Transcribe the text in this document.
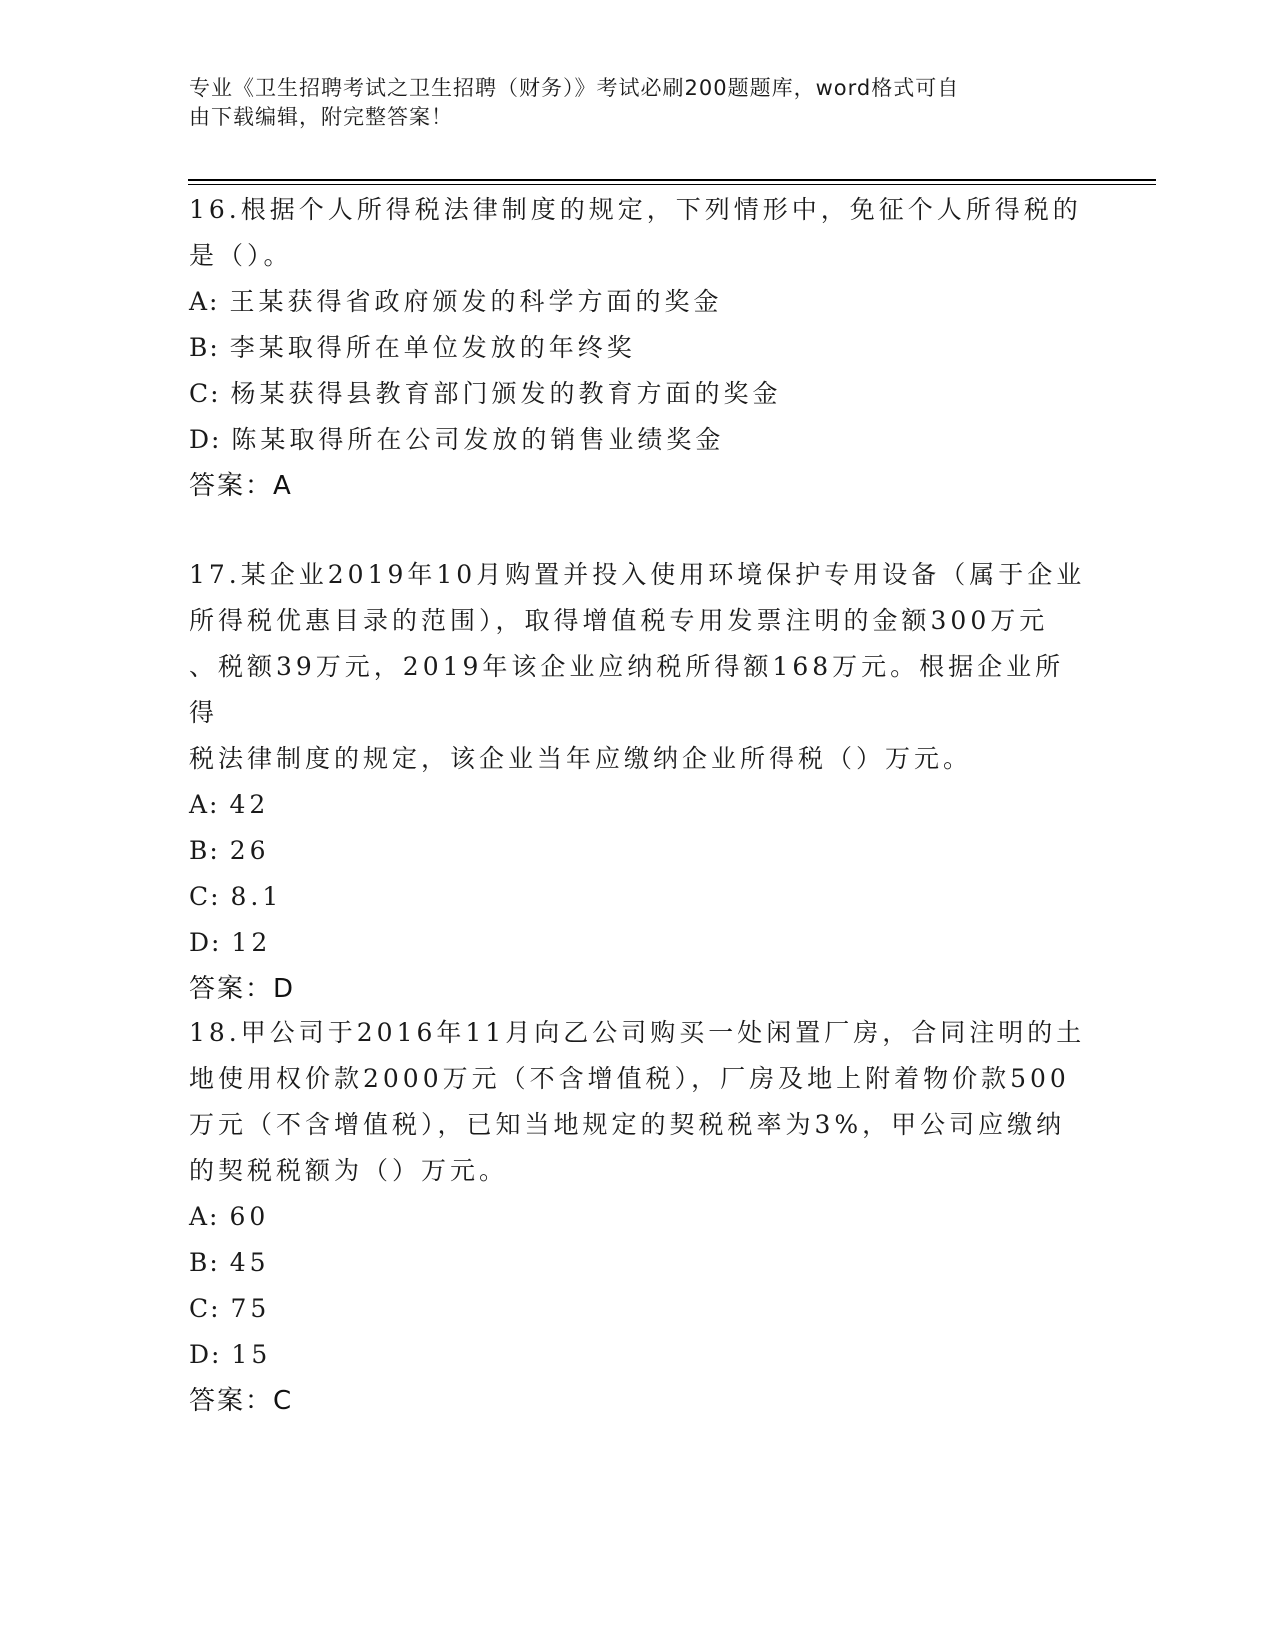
专业《卫生招聘考试之卫生招聘（财务）》考试必刷200题题库，word格式可自
由下载编辑，附完整答案！
16.根据个人所得税法律制度的规定，下列情形中，免征个人所得税的
是（）。
A: 王某获得省政府颁发的科学方面的奖金
B: 李某取得所在单位发放的年终奖
C: 杨某获得县教育部门颁发的教育方面的奖金
D: 陈某取得所在公司发放的销售业绩奖金
答案：A
17.某企业2019年10月购置并投入使用环境保护专用设备（属于企业
所得税优惠目录的范围），取得增值税专用发票注明的金额300万元
、税额39万元，2019年该企业应纳税所得额168万元。根据企业所得
税法律制度的规定，该企业当年应缴纳企业所得税（）万元。
A: 42
B: 26
C: 8.1
D: 12
答案：D
18.甲公司于2016年11月向乙公司购买一处闲置厂房，合同注明的土
地使用权价款2000万元（不含增值税），厂房及地上附着物价款500
万元（不含增值税），已知当地规定的契税税率为3%，甲公司应缴纳
的契税税额为（）万元。
A: 60
B: 45
C: 75
D: 15
答案：C
